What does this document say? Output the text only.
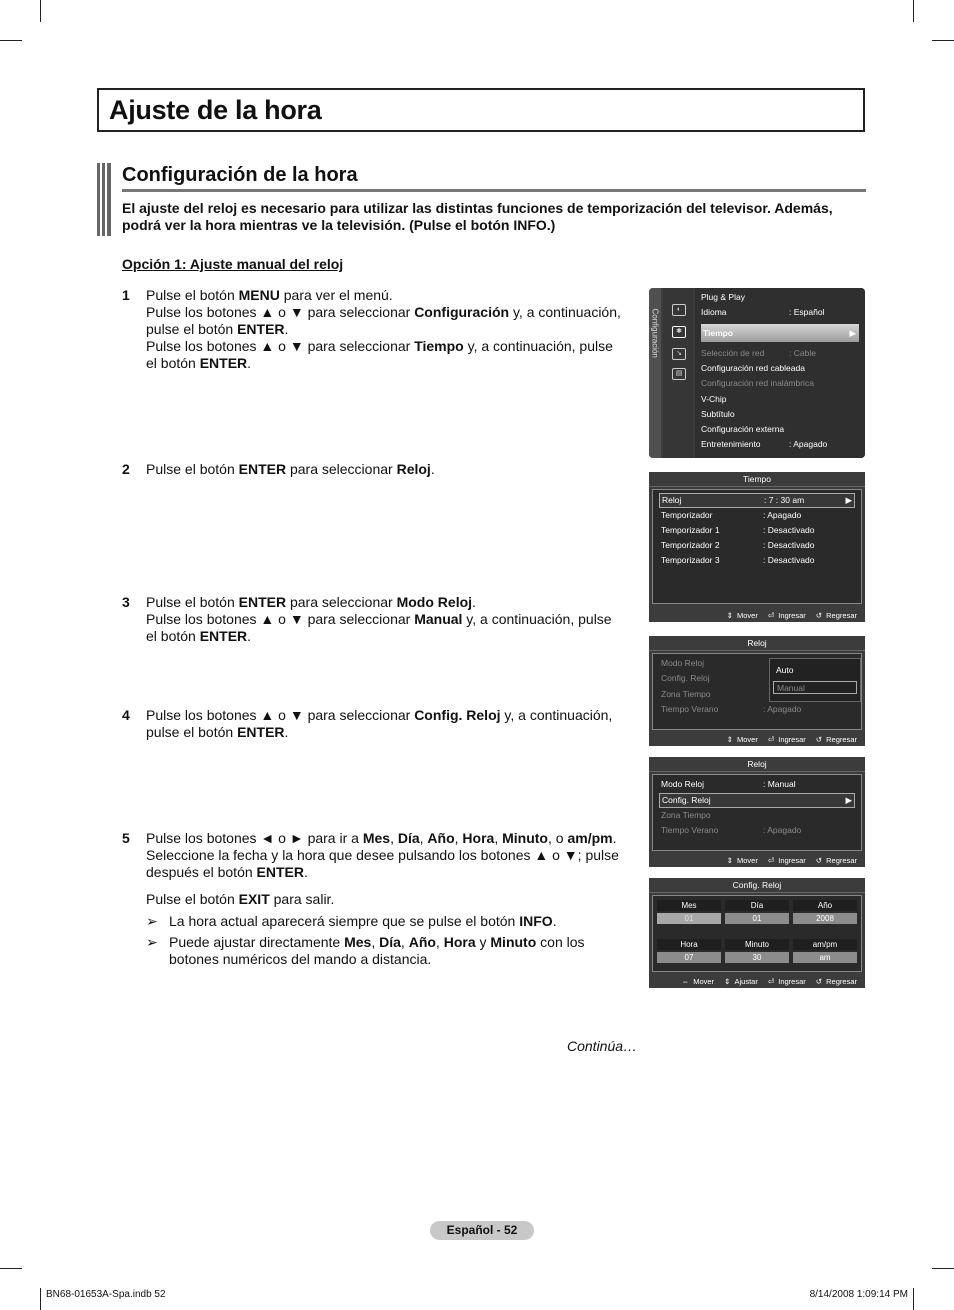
Ajuste de la hora
Configuración de la hora
El ajuste del reloj es necesario para utilizar las distintas funciones de temporización del televisor. Además, podrá ver la hora mientras ve la televisión. (Pulse el botón INFO.)
Opción 1: Ajuste manual del reloj
1 Pulse el botón MENU para ver el menú.
Pulse los botones ▲ o ▼ para seleccionar Configuración y, a continuación, pulse el botón ENTER.
Pulse los botones ▲ o ▼ para seleccionar Tiempo y, a continuación, pulse el botón ENTER.
2 Pulse el botón ENTER para seleccionar Reloj.
3 Pulse el botón ENTER para seleccionar Modo Reloj.
Pulse los botones ▲ o ▼ para seleccionar Manual y, a continuación, pulse el botón ENTER.
4 Pulse los botones ▲ o ▼ para seleccionar Config. Reloj y, a continuación, pulse el botón ENTER.
5 Pulse los botones ◄ o ► para ir a Mes, Día, Año, Hora, Minuto, o am/pm.
Seleccione la fecha y la hora que desee pulsando los botones ▲ o ▼; pulse después el botón ENTER.
Pulse el botón EXIT para salir.
➢ La hora actual aparecerá siempre que se pulse el botón INFO.
➢ Puede ajustar directamente Mes, Día, Año, Hora y Minuto con los botones numéricos del mando a distancia.
Continúa…
Español - 52
BN68-01653A-Spa.indb 52	8/14/2008 1:09:14 PM
Configuración	◐
✱
↘
▤
Plug & Play
Idioma	: Español
Tiempo	▶
Selección de red	: Cable
Configuración red cableada
Configuración red inalámbrica
V-Chip
Subtítulo
Configuración externa
Entretenimiento	: Apagado
Tiempo
Reloj	: 7 : 30 am	▶
Temporizador	: Apagado
Temporizador 1	: Desactivado
Temporizador 2	: Desactivado
Temporizador 3	: Desactivado
⇕ Mover ⏎ Ingresar ↺ Regresar
Reloj
Modo Reloj
Config. Reloj
Zona Tiempo
Tiempo Verano	: Apagado
Auto
Manual
⇕ Mover ⏎ Ingresar ↺ Regresar
Reloj
Modo Reloj	: Manual
Config. Reloj	▶
Zona Tiempo
Tiempo Verano	: Apagado
⇕ Mover ⏎ Ingresar ↺ Regresar
Config. Reloj
Mes	Día	Año
01	01	2008
Hora	Minuto	am/pm
07	30	am
⇔ Mover ⇕ Ajustar ⏎ Ingresar ↺ Regresar
